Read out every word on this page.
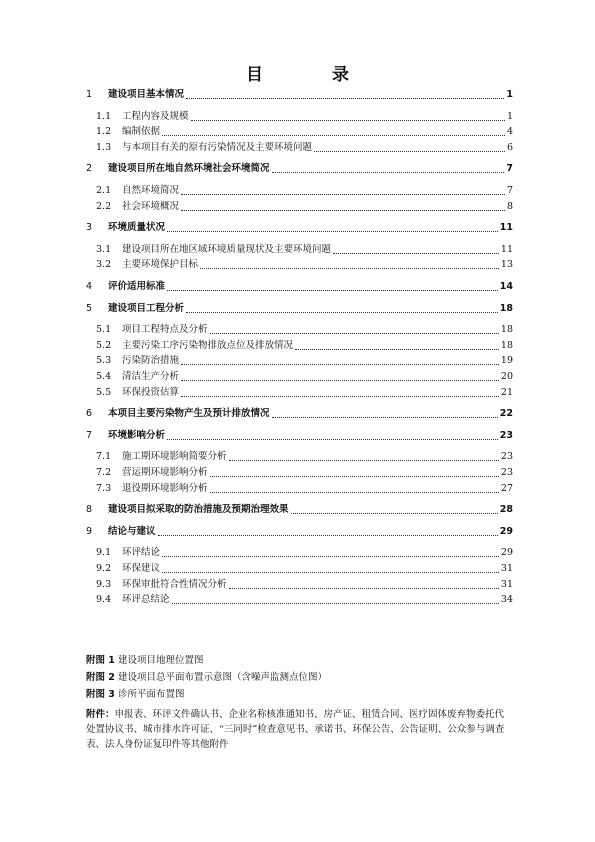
目　录
1	建设项目基本情况	1
1.1	工程内容及规模	1
1.2	编制依据	4
1.3	与本项目有关的原有污染情况及主要环境问题	6
2	建设项目所在地自然环境社会环境简况	7
2.1	自然环境简况	7
2.2	社会环境概况	8
3	环境质量状况	11
3.1	建设项目所在地区域环境质量现状及主要环境问题	11
3.2	主要环境保护目标	13
4	评价适用标准	14
5	建设项目工程分析	18
5.1	项目工程特点及分析	18
5.2	主要污染工序污染物排放点位及排放情况	18
5.3	污染防治措施	19
5.4	清洁生产分析	20
5.5	环保投资估算	21
6	本项目主要污染物产生及预计排放情况	22
7	环境影响分析	23
7.1	施工期环境影响简要分析	23
7.2	营运期环境影响分析	23
7.3	退役期环境影响分析	27
8	建设项目拟采取的防治措施及预期治理效果	28
9	结论与建议	29
9.1	环评结论	29
9.2	环保建议	31
9.3	环保审批符合性情况分析	31
9.4	环评总结论	34
附图 1 建设项目地理位置图
附图 2 建设项目总平面布置示意图（含噪声监测点位图）
附图 3 诊所平面布置图
附件：申报表、环评文件确认书、企业名称核准通知书、房产证、租赁合同、医疗固体废弃物委托代处置协议书、城市排水许可证、“三同时”检查意见书、承诺书、环保公告、公告证明、公众参与调查表、法人身份证复印件等其他附件
